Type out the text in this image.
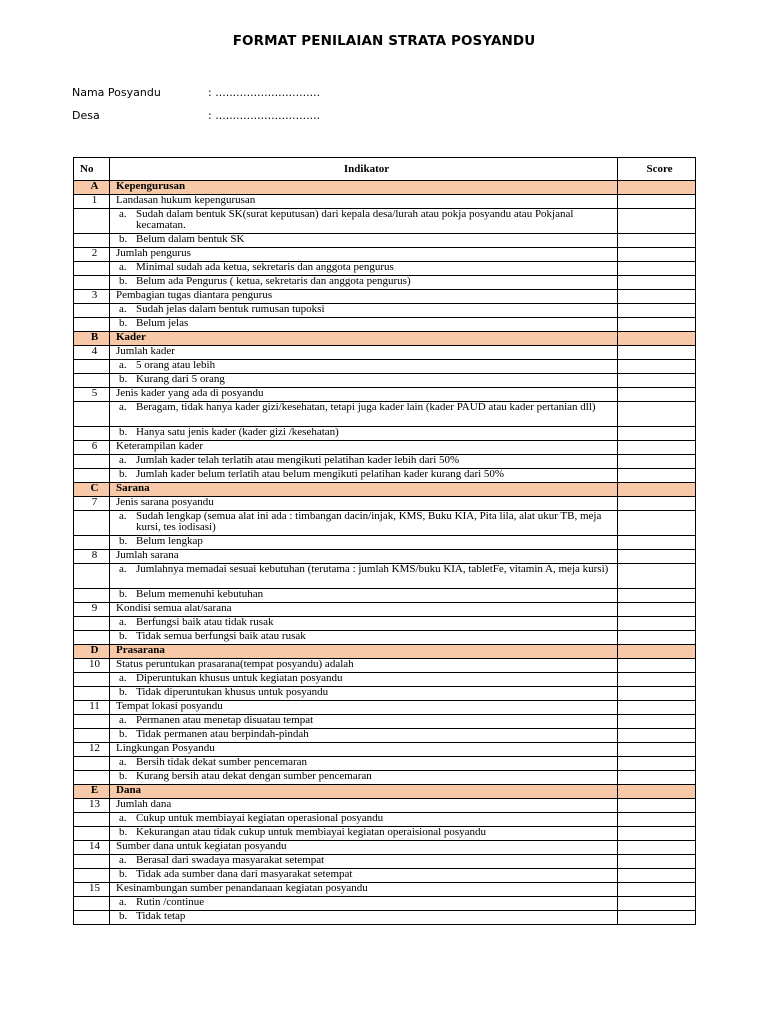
FORMAT PENILAIAN STRATA POSYANDU
Nama Posyandu	: ..............................
Desa	: ..............................
No	Indikator	Score
A	Kepengurusan	
1	Landasan hukum kepengurusan	

	a. Sudah dalam bentuk SK(surat keputusan) dari kepala desa/lurah atau pokja posyandu atau Pokjanal kecamatan.	

	b. Belum dalam bentuk SK	

2	Jumlah pengurus	

	a. Minimal sudah ada ketua, sekretaris dan anggota pengurus	

	b. Belum ada Pengurus ( ketua, sekretaris dan anggota pengurus)	

3	Pembagian tugas diantara pengurus	

	a. Sudah jelas dalam bentuk rumusan tupoksi	

	b. Belum jelas	

B	Kader	
4	Jumlah kader	

	a. 5 orang atau lebih	

	b. Kurang dari 5 orang	

5	Jenis kader yang ada di posyandu	

	a. Beragam, tidak hanya kader gizi/kesehatan, tetapi juga kader lain (kader PAUD atau kader pertanian dll)	

	b. Hanya satu jenis kader (kader gizi /kesehatan)	

6	Keterampilan kader	

	a. Jumlah kader telah terlatih atau mengikuti pelatihan kader lebih dari 50%	

	b. Jumlah kader belum terlatih atau belum mengikuti pelatihan kader kurang dari 50%	

C	Sarana	
7	Jenis sarana posyandu	

	a. Sudah lengkap (semua alat ini ada : timbangan dacin/injak, KMS, Buku KIA, Pita lila, alat ukur TB, meja kursi, tes iodisasi)	

	b. Belum lengkap	

8	Jumlah sarana	

	a. Jumlahnya memadai sesuai kebutuhan (terutama : jumlah KMS/buku KIA, tabletFe, vitamin A, meja kursi)	

	b. Belum memenuhi kebutuhan	

9	Kondisi semua alat/sarana	

	a. Berfungsi baik atau tidak rusak	

	b. Tidak semua berfungsi baik atau rusak	

D	Prasarana	
10	Status peruntukan prasarana(tempat posyandu) adalah	

	a. Diperuntukan khusus untuk kegiatan posyandu	

	b. Tidak diperuntukan khusus untuk posyandu	

11	Tempat lokasi posyandu	

	a. Permanen atau menetap disuatau tempat	

	b. Tidak permanen atau berpindah-pindah	

12	Lingkungan Posyandu	

	a. Bersih tidak dekat sumber pencemaran	

	b. Kurang bersih atau dekat dengan sumber pencemaran	

E	Dana	
13	Jumlah dana	

	a. Cukup untuk membiayai kegiatan operasional posyandu	

	b. Kekurangan atau tidak cukup untuk membiayai kegiatan operaisional posyandu	

14	Sumber dana untuk kegiatan posyandu	

	a. Berasal dari swadaya masyarakat setempat	

	b. Tidak ada sumber dana dari masyarakat setempat	

15	Kesinambungan sumber penandanaan kegiatan posyandu	

	a. Rutin /continue	

	b. Tidak tetap	
